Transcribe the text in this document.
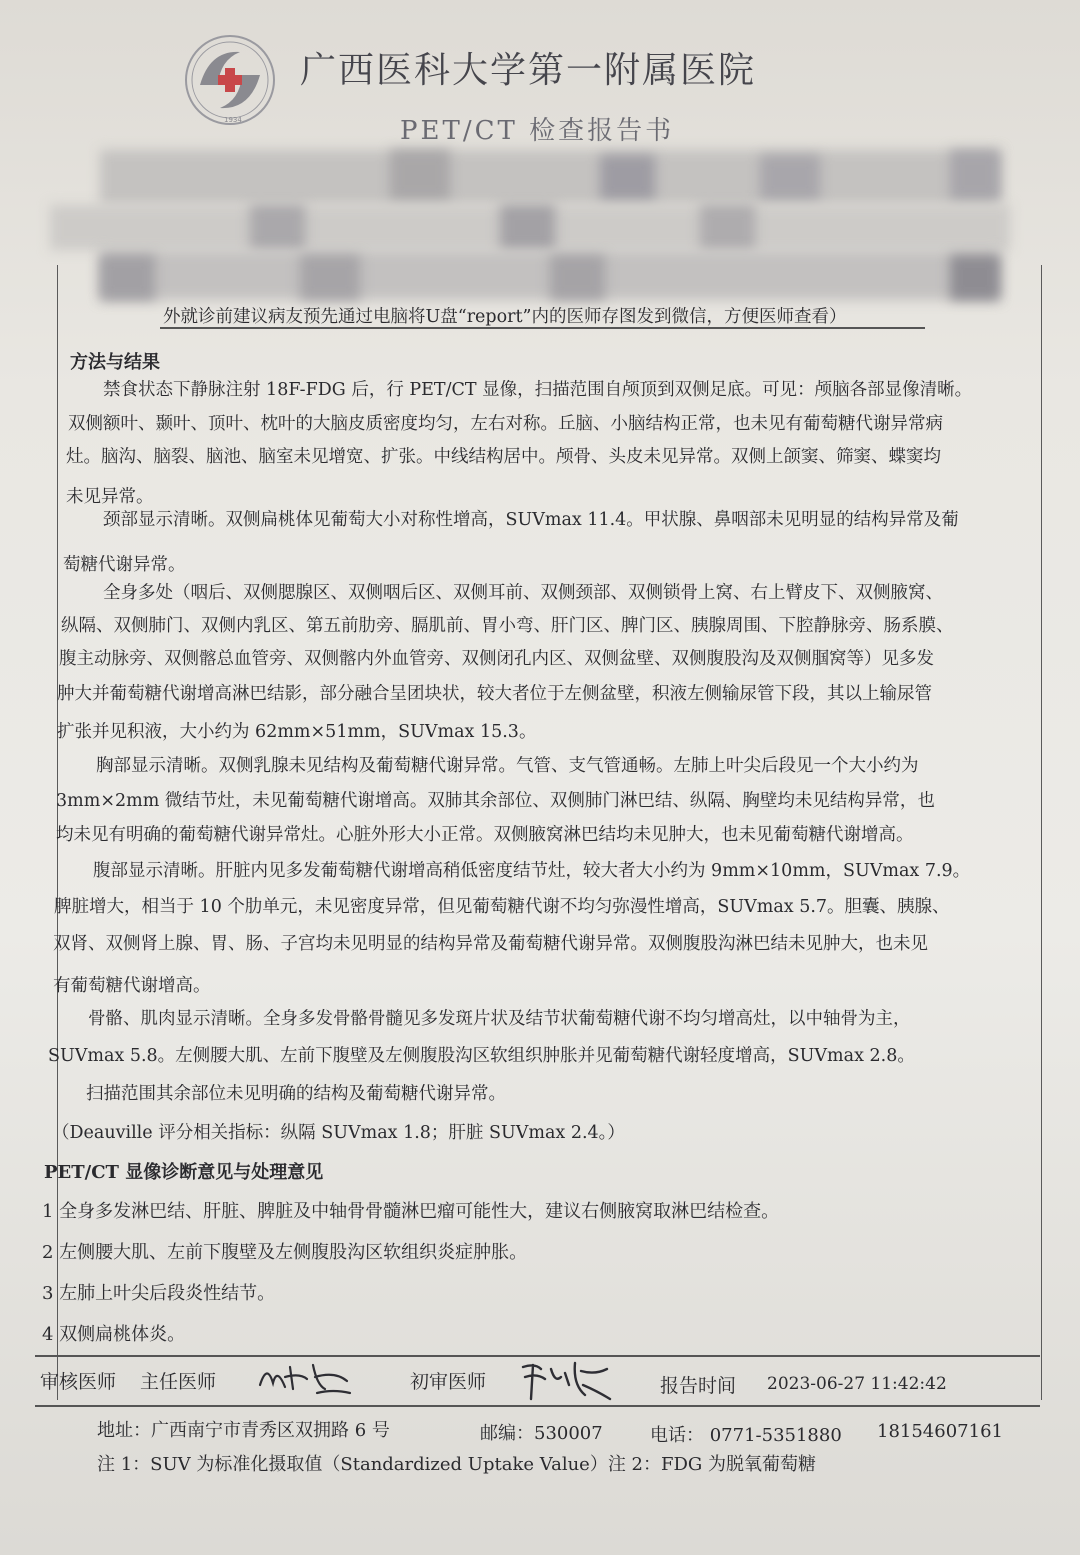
1934
广西医科大学第一附属医院
PET/CT 检查报告书
外就诊前建议病友预先通过电脑将U盘“report”内的医师存图发到微信，方便医师查看）
方法与结果
禁食状态下静脉注射 18F-FDG 后，行 PET/CT 显像，扫描范围自颅顶到双侧足底。可见：颅脑各部显像清晰。
双侧额叶、颞叶、顶叶、枕叶的大脑皮质密度均匀，左右对称。丘脑、小脑结构正常，也未见有葡萄糖代谢异常病
灶。脑沟、脑裂、脑池、脑室未见增宽、扩张。中线结构居中。颅骨、头皮未见异常。双侧上颌窦、筛窦、蝶窦均
未见异常。
颈部显示清晰。双侧扁桃体见葡萄大小对称性增高，SUVmax 11.4。甲状腺、鼻咽部未见明显的结构异常及葡
萄糖代谢异常。
全身多处（咽后、双侧腮腺区、双侧咽后区、双侧耳前、双侧颈部、双侧锁骨上窝、右上臂皮下、双侧腋窝、
纵隔、双侧肺门、双侧内乳区、第五前肋旁、膈肌前、胃小弯、肝门区、脾门区、胰腺周围、下腔静脉旁、肠系膜、
腹主动脉旁、双侧髂总血管旁、双侧髂内外血管旁、双侧闭孔内区、双侧盆壁、双侧腹股沟及双侧腘窝等）见多发
肿大并葡萄糖代谢增高淋巴结影，部分融合呈团块状，较大者位于左侧盆壁，积液左侧输尿管下段，其以上输尿管
扩张并见积液，大小约为 62mm×51mm，SUVmax 15.3。
胸部显示清晰。双侧乳腺未见结构及葡萄糖代谢异常。气管、支气管通畅。左肺上叶尖后段见一个大小约为
3mm×2mm 微结节灶，未见葡萄糖代谢增高。双肺其余部位、双侧肺门淋巴结、纵隔、胸壁均未见结构异常，也
均未见有明确的葡萄糖代谢异常灶。心脏外形大小正常。双侧腋窝淋巴结均未见肿大，也未见葡萄糖代谢增高。
腹部显示清晰。肝脏内见多发葡萄糖代谢增高稍低密度结节灶，较大者大小约为 9mm×10mm，SUVmax 7.9。
脾脏增大，相当于 10 个肋单元，未见密度异常，但见葡萄糖代谢不均匀弥漫性增高，SUVmax 5.7。胆囊、胰腺、
双肾、双侧肾上腺、胃、肠、子宫均未见明显的结构异常及葡萄糖代谢异常。双侧腹股沟淋巴结未见肿大，也未见
有葡萄糖代谢增高。
骨骼、肌肉显示清晰。全身多发骨骼骨髓见多发斑片状及结节状葡萄糖代谢不均匀增高灶，以中轴骨为主，
SUVmax 5.8。左侧腰大肌、左前下腹壁及左侧腹股沟区软组织肿胀并见葡萄糖代谢轻度增高，SUVmax 2.8。
扫描范围其余部位未见明确的结构及葡萄糖代谢异常。
（Deauville 评分相关指标：纵隔 SUVmax 1.8；肝脏 SUVmax 2.4。）
PET/CT 显像诊断意见与处理意见
1 全身多发淋巴结、肝脏、脾脏及中轴骨骨髓淋巴瘤可能性大，建议右侧腋窝取淋巴结检查。
2 左侧腰大肌、左前下腹壁及左侧腹股沟区软组织炎症肿胀。
3 左肺上叶尖后段炎性结节。
4 双侧扁桃体炎。
审核医师 主任医师	初审医师	报告时间 2023-06-27 11:42:42
地址：广西南宁市青秀区双拥路 6 号	邮编：530007	电话： 0771-5351880 18154607161
注 1：SUV 为标准化摄取值（Standardized Uptake Value）注 2：FDG 为脱氧葡萄糖
